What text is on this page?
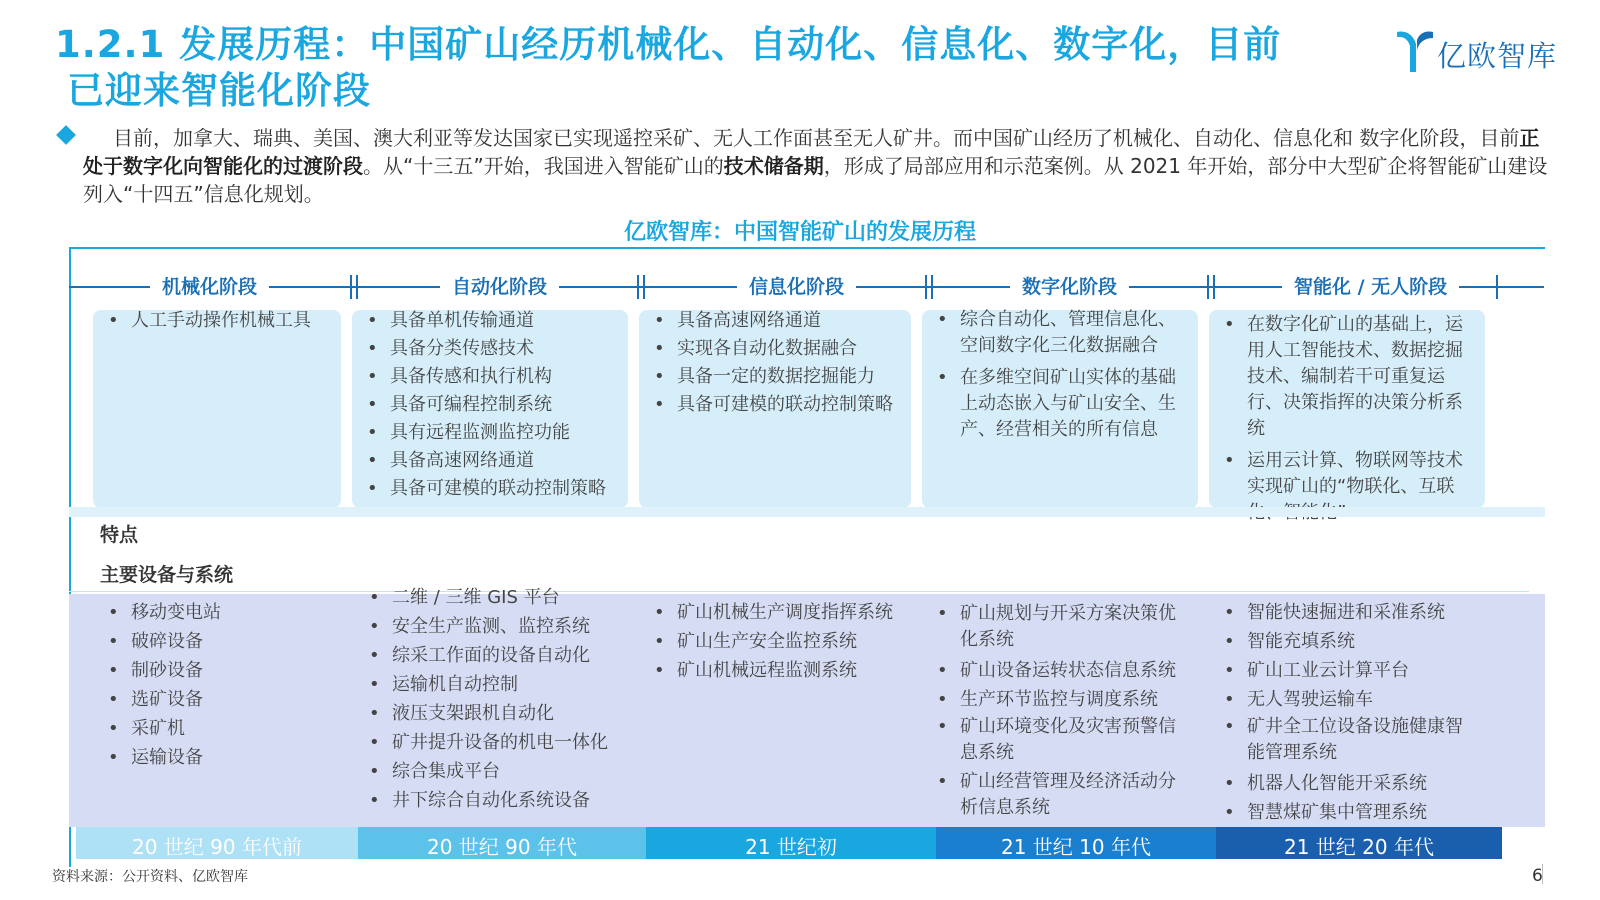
1.2.1 发展历程：中国矿山经历机械化、自动化、信息化、数字化，目前
已迎来智能化阶段
亿欧智库

目前，加拿大、瑞典、美国、澳大利亚等发达国家已实现遥控采矿、无人工作面甚至无人矿井。而中国矿山经历了机械化、自动化、信息化和 数字化阶段，目前正处于数字化向智能化的过渡阶段。从“十三五”开始，我国进入智能矿山的技术储备期，形成了局部应用和示范案例。从 2021 年开始，部分中大型矿企将智能矿山建设列入“十四五”信息化规划。

亿欧智库：中国智能矿山的发展历程
机械化阶段	自动化阶段	信息化阶段	数字化阶段	智能化 / 无人阶段
• 人工手动操作机械工具
•	具备单机传输通道
• 具备分类传感技术
• 具备传感和执行机构
• 具备可编程控制系统
• 具有远程监测监控功能
• 具备高速网络通道
• 具备可建模的联动控制策略
• 具备高速网络通道
• 实现各自动化数据融合
• 具备一定的数据挖掘能力
• 具备可建模的联动控制策略
• 综合自动化、管理信息化、空间数字化三化数据融合
• 在多维空间矿山实体的基础上动态嵌入与矿山安全、生产、经营相关的所有信息
• 在数字化矿山的基础上，运用人工智能技术、数据挖掘技术、编制若干可重复运行、决策指挥的决策分析系统
• 运用云计算、物联网等技术实现矿山的“物联化、互联
特点
主要设备与系统
• 移动变电站
• 破碎设备
• 制砂设备
• 选矿设备
• 采矿机
• 运输设备
• 二维 / 三维 GIS 平台
• 安全生产监测、监控系统
• 综采工作面的设备自动化
• 运输机自动控制
• 液压支架跟机自动化
• 矿井提升设备的机电一体化
• 综合集成平台
• 井下综合自动化系统设备
• 矿山机械生产调度指挥系统
• 矿山生产安全监控系统
• 矿山机械远程监测系统
• 矿山规划与开采方案决策优化系统
• 矿山设备运转状态信息系统
• 生产环节监控与调度系统
• 矿山环境变化及灾害预警信息系统
• 矿山经营管理及经济活动分析信息系统
• 智能快速掘进和采准系统
• 智能充填系统
• 矿山工业云计算平台
• 无人驾驶运输车
• 矿井全工位设备设施健康智能管理系统
• 机器人化智能开采系统
• 智慧煤矿集中管理系统
20 世纪 90 年代前	20 世纪 90 年代	21 世纪初	21 世纪 10 年代	21 世纪 20 年代
资料来源：公开资料、亿欧智库	6
